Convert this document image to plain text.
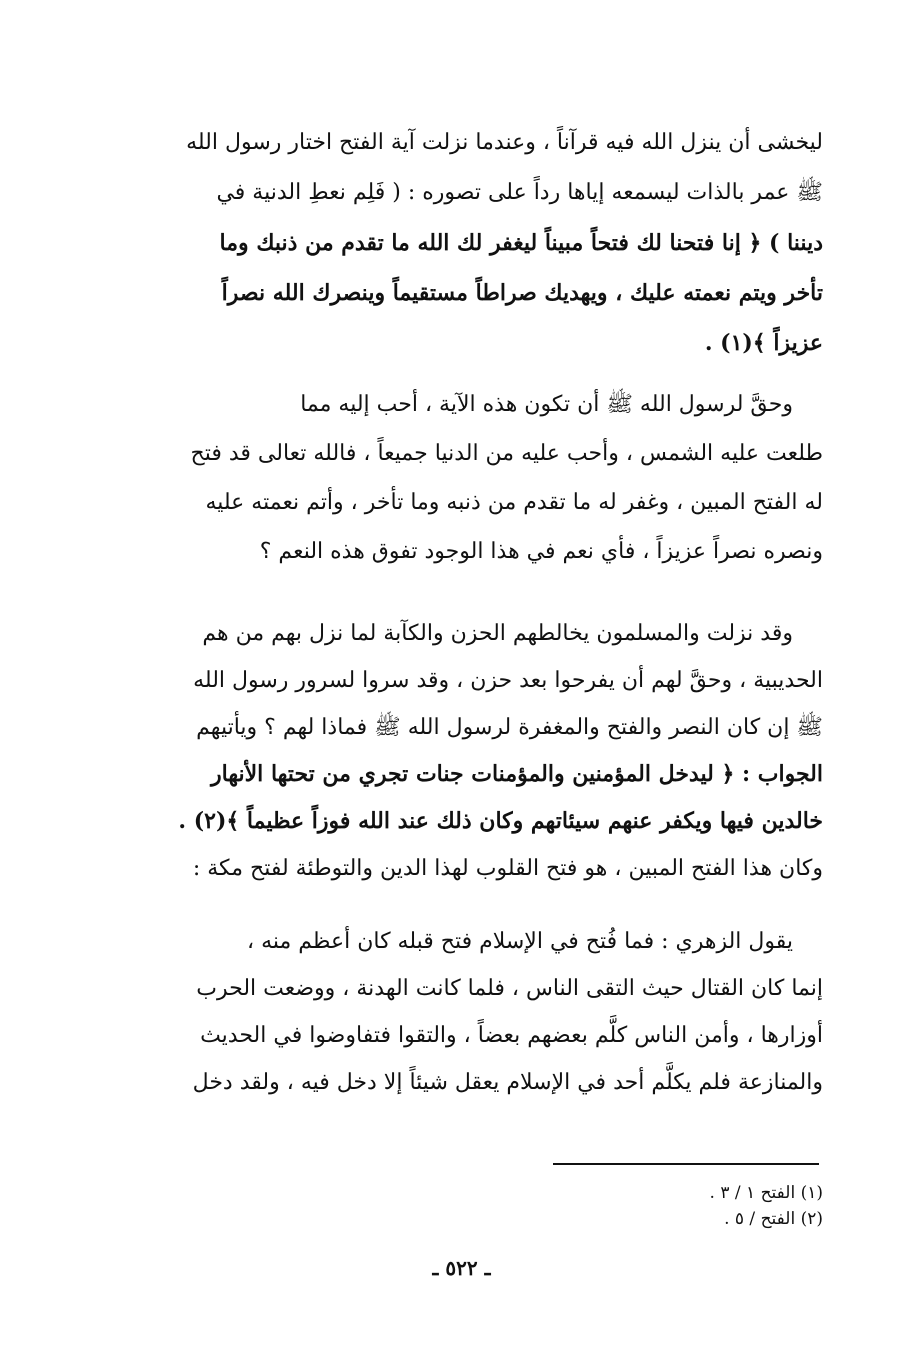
ليخشى أن ينزل الله فيه قرآناً ، وعندما نزلت آية الفتح اختار رسول الله
ﷺ عمر بالذات ليسمعه إياها رداً على تصوره : ( فَلِم نعطِ الدنية في
ديننا ) ﴿ إنا فتحنا لك فتحاً مبيناً ليغفر لك الله ما تقدم من ذنبك وما
تأخر ويتم نعمته عليك ، ويهديك صراطاً مستقيماً وينصرك الله نصراً
عزيزاً ﴾(١) .
وحقَّ لرسول الله ﷺ أن تكون هذه الآية ، أحب إليه مما
طلعت عليه الشمس ، وأحب عليه من الدنيا جميعاً ، فالله تعالى قد فتح
له الفتح المبين ، وغفر له ما تقدم من ذنبه وما تأخر ، وأتم نعمته عليه
ونصره نصراً عزيزاً ، فأي نعم في هذا الوجود تفوق هذه النعم ؟
وقد نزلت والمسلمون يخالطهم الحزن والكآبة لما نزل بهم من هم
الحديبية ، وحقَّ لهم أن يفرحوا بعد حزن ، وقد سروا لسرور رسول الله
ﷺ إن كان النصر والفتح والمغفرة لرسول الله ﷺ فماذا لهم ؟ ويأتيهم
الجواب : ﴿ ليدخل المؤمنين والمؤمنات جنات تجري من تحتها الأنهار
خالدين فيها ويكفر عنهم سيئاتهم وكان ذلك عند الله فوزاً عظيماً ﴾(٢) .
وكان هذا الفتح المبين ، هو فتح القلوب لهذا الدين والتوطئة لفتح مكة :
يقول الزهري : فما فُتح في الإسلام فتح قبله كان أعظم منه ،
إنما كان القتال حيث التقى الناس ، فلما كانت الهدنة ، ووضعت الحرب
أوزارها ، وأمن الناس كلَّم بعضهم بعضاً ، والتقوا فتفاوضوا في الحديث
والمنازعة فلم يكلَّم أحد في الإسلام يعقل شيئاً إلا دخل فيه ، ولقد دخل
(١) الفتح ١ / ٣ .
(٢) الفتح / ٥ .
ـ ٥٢٢ ـ
